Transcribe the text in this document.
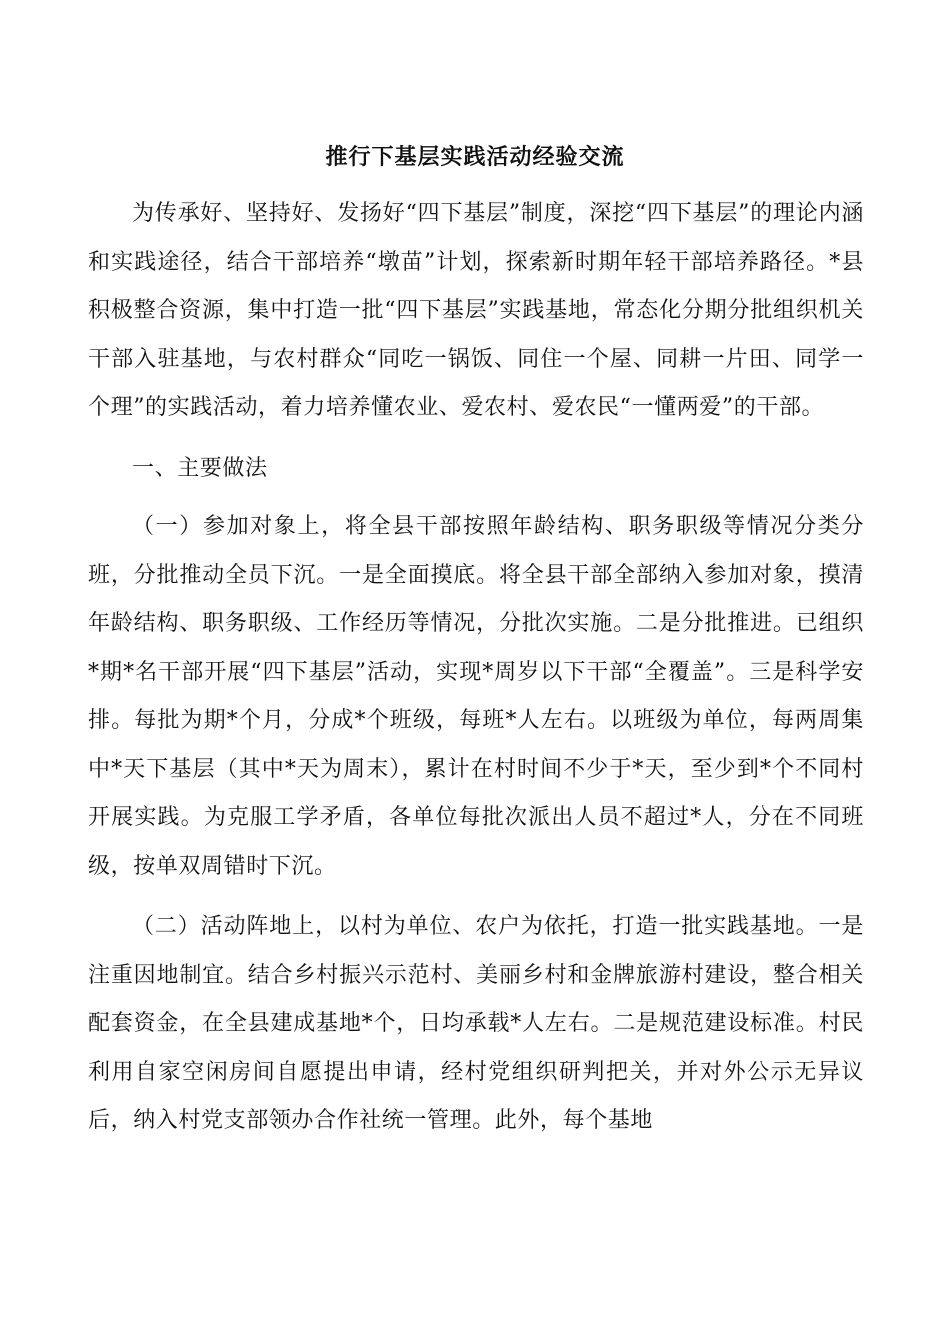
推行下基层实践活动经验交流

为传承好、坚持好、发扬好“四下基层”制度，深挖“四下基层”的理论内涵和实践途径，结合干部培养“墩苗”计划，探索新时期年轻干部培养路径。*县积极整合资源，集中打造一批“四下基层”实践基地，常态化分期分批组织机关干部入驻基地，与农村群众“同吃一锅饭、同住一个屋、同耕一片田、同学一个理”的实践活动，着力培养懂农业、爱农村、爱农民“一懂两爱”的干部。

一、主要做法

（一）参加对象上，将全县干部按照年龄结构、职务职级等情况分类分班，分批推动全员下沉。一是全面摸底。将全县干部全部纳入参加对象，摸清年龄结构、职务职级、工作经历等情况，分批次实施。二是分批推进。已组织*期*名干部开展“四下基层”活动，实现*周岁以下干部“全覆盖”。三是科学安排。每批为期*个月，分成*个班级，每班*人左右。以班级为单位，每两周集中*天下基层（其中*天为周末），累计在村时间不少于*天，至少到*个不同村开展实践。为克服工学矛盾，各单位每批次派出人员不超过*人，分在不同班级，按单双周错时下沉。

（二）活动阵地上，以村为单位、农户为依托，打造一批实践基地。一是注重因地制宜。结合乡村振兴示范村、美丽乡村和金牌旅游村建设，整合相关配套资金，在全县建成基地*个，日均承载*人左右。二是规范建设标准。村民利用自家空闲房间自愿提出申请，经村党组织研判把关，并对外公示无异议后，纳入村党支部领办合作社统一管理。此外，每个基地
